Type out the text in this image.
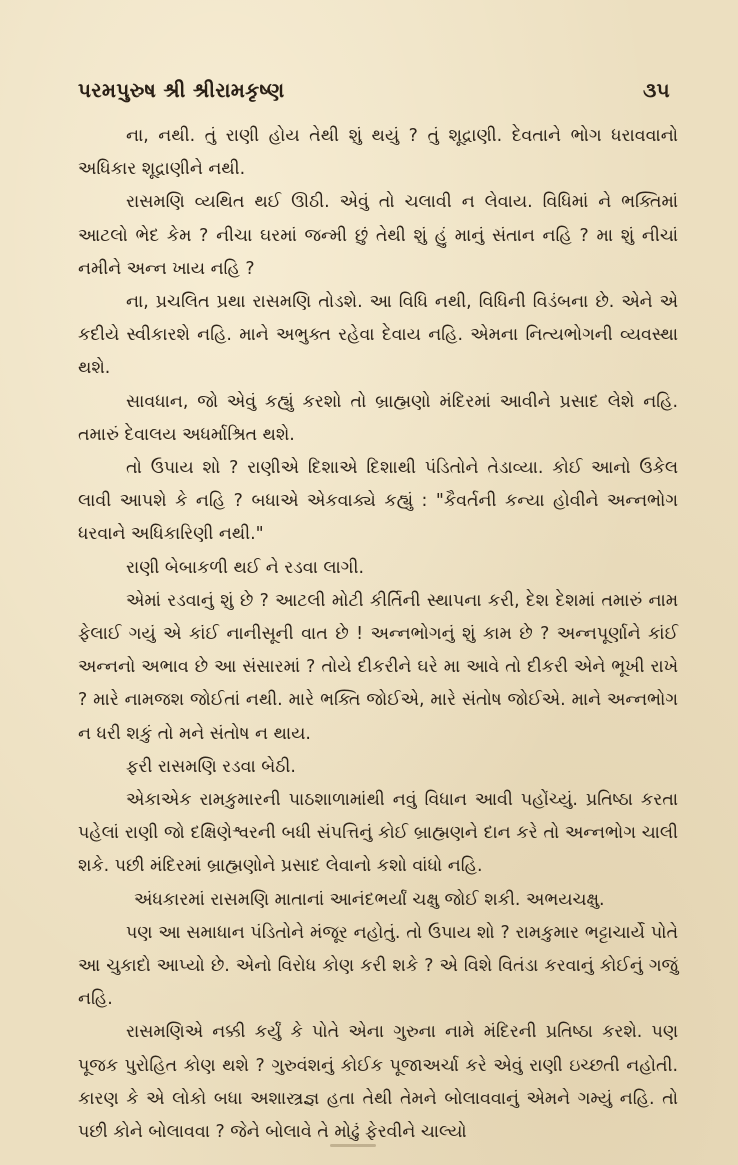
પરમપુરુષ શ્રી શ્રીરામકૃષ્ણ	૩૫

ના, નથી. તું રાણી હોય તેથી શું થયું ? તું શૂદ્રાણી. દેવતાને ભોગ ધરાવવાનો અધિકાર શૂદ્રાણીને નથી.

રાસમણિ વ્યથિત થઈ ઊઠી. એવું તો ચલાવી ન લેવાય. વિધિમાં ને ભક્તિમાં આટલો ભેદ કેમ ? નીચા ઘરમાં જન્મી છું તેથી શું હું માનું સંતાન નહિ ? મા શું નીચાં નમીને અન્ન ખાય નહિ ?

ના, પ્રચલિત પ્રથા રાસમણિ તોડશે. આ વિધિ નથી, વિધિની વિડંબના છે. એને એ કદીયે સ્વીકારશે નહિ. માને અભુક્ત રહેવા દેવાય નહિ. એમના નિત્યભોગની વ્યવસ્થા થશે.

સાવધાન, જો એવું કહ્યું કરશો તો બ્રાહ્મણો મંદિરમાં આવીને પ્રસાદ લેશે નહિ. તમારું દેવાલય અધર્માશ્રિત થશે.

તો ઉપાય શો ? રાણીએ દિશાએ દિશાથી પંડિતોને તેડાવ્યા. કોઈ આનો ઉકેલ લાવી આપશે કે નહિ ? બધાએ એકવાક્યે કહ્યું : "કૈવર્તની કન્યા હોવીને અન્નભોગ ધરવાને અધિકારિણી નથી."

રાણી બેબાકળી થઈ ને રડવા લાગી.

એમાં રડવાનું શું છે ? આટલી મોટી કીર્તિની સ્થાપના કરી, દેશ દેશમાં તમારું નામ ફેલાઈ ગયું એ કાંઈ નાનીસૂની વાત છે ! અન્નભોગનું શું કામ છે ? અન્નપૂર્ણાને કાંઈ અન્નનો અભાવ છે આ સંસારમાં ? તોયે દીકરીને ઘરે મા આવે તો દીકરી એને ભૂખી રાખે ? મારે નામજશ જોઈતાં નથી. મારે ભક્તિ જોઈએ, મારે સંતોષ જોઈએ. માને અન્નભોગ ન ધરી શકું તો મને સંતોષ ન થાય.

ફરી રાસમણિ રડવા બેઠી.

એકાએક રામકુમારની પાઠશાળામાંથી નવું વિધાન આવી પહોંચ્યું. પ્રતિષ્ઠા કરતા પહેલાં રાણી જો દક્ષિણેશ્વરની બધી સંપત્તિનું કોઈ બ્રાહ્મણને દાન કરે તો અન્નભોગ ચાલી શકે. પછી મંદિરમાં બ્રાહ્મણોને પ્રસાદ લેવાનો કશો વાંધો નહિ.

અંધકારમાં રાસમણિ માતાનાં આનંદભર્યાં ચક્ષુ જોઈ શકી. અભયચક્ષુ.

પણ આ સમાધાન પંડિતોને મંજૂર નહોતું. તો ઉપાય શો ? રામકુમાર ભટ્ટાચાર્યે પોતે આ ચુકાદો આપ્યો છે. એનો વિરોધ કોણ કરી શકે ? એ વિશે વિતંડા કરવાનું કોઈનું ગજું નહિ.

રાસમણિએ નક્કી કર્યું કે પોતે એના ગુરુના નામે મંદિરની પ્રતિષ્ઠા કરશે. પણ પૂજક પુરોહિત કોણ થશે ? ગુરુવંશનું કોઈક પૂજાઅર્ચા કરે એવું રાણી ઇચ્છતી નહોતી. કારણ કે એ લોકો બધા અશાસ્ત્રજ્ઞ હતા તેથી તેમને બોલાવવાનું એમને ગમ્યું નહિ. તો પછી કોને બોલાવવા ? જેને બોલાવે તે મોઢું ફેરવીને ચાલ્યો
